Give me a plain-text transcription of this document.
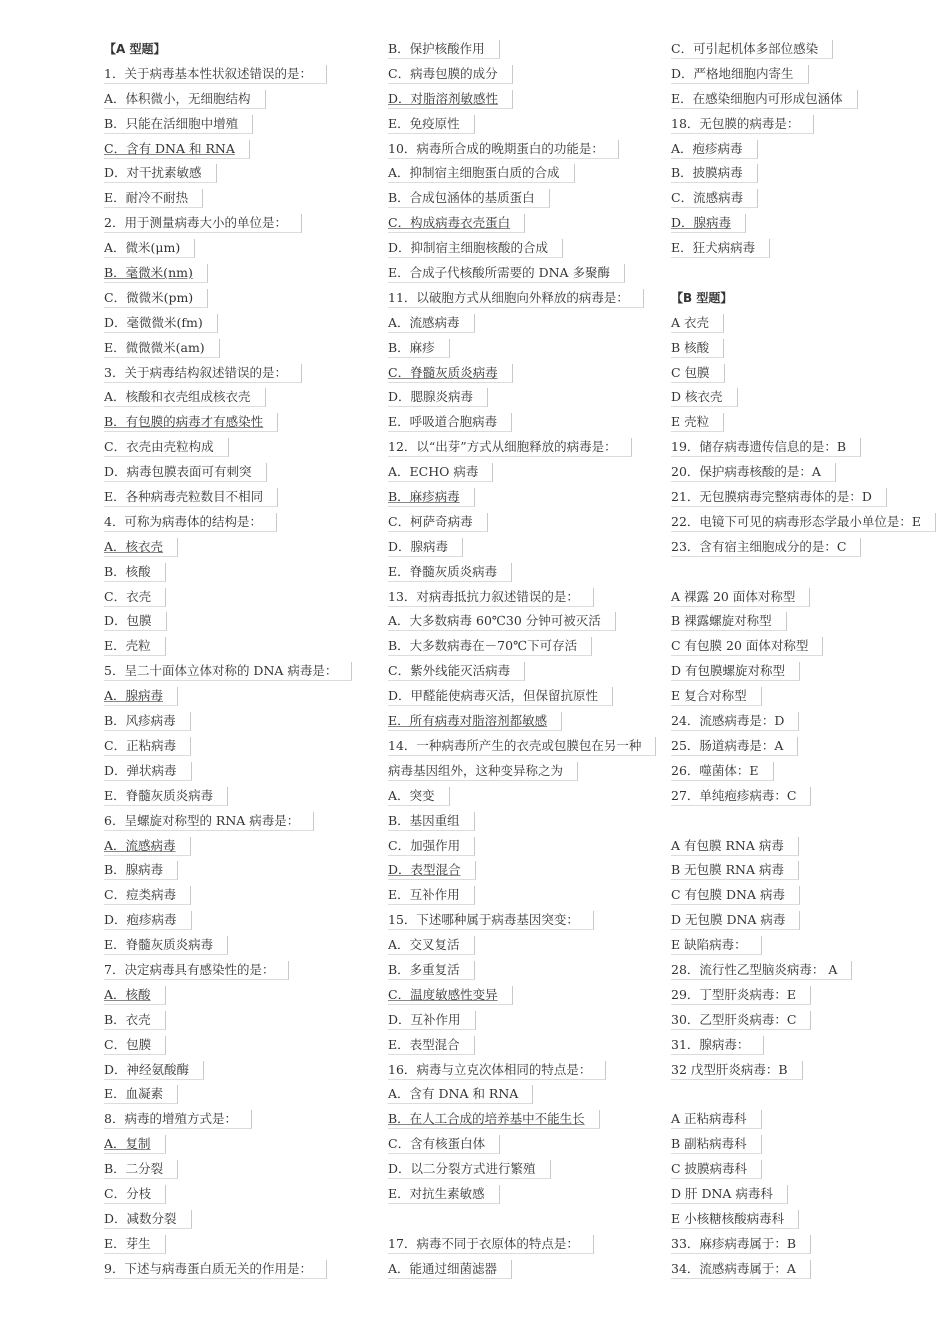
【A 型题】
1．关于病毒基本性状叙述错误的是：
A．体积微小，无细胞结构
B．只能在活细胞中增殖
C．含有 DNA 和 RNA
D．对干扰素敏感
E．耐冷不耐热
2．用于测量病毒大小的单位是：
A．微米(μm)
B．毫微米(nm)
C．微微米(pm)
D．毫微微米(fm)
E．微微微米(am)
3．关于病毒结构叙述错误的是：
A．核酸和衣壳组成核衣壳
B．有包膜的病毒才有感染性
C．衣壳由壳粒构成
D．病毒包膜表面可有刺突
E．各种病毒壳粒数目不相同
4．可称为病毒体的结构是：
A．核衣壳
B．核酸
C．衣壳
D．包膜
E．壳粒
5．呈二十面体立体对称的 DNA 病毒是：
A．腺病毒
B．风疹病毒
C．正粘病毒
D．弹状病毒
E．脊髓灰质炎病毒
6．呈螺旋对称型的 RNA 病毒是：
A．流感病毒
B．腺病毒
C．痘类病毒
D．疱疹病毒
E．脊髓灰质炎病毒
7．决定病毒具有感染性的是：
A．核酸
B．衣壳
C．包膜
D．神经氨酸酶
E．血凝素
8．病毒的增殖方式是：
A．复制
B．二分裂
C．分枝
D．减数分裂
E．芽生
9．下述与病毒蛋白质无关的作用是：
B．保护核酸作用
C．病毒包膜的成分
D．对脂溶剂敏感性
E．免疫原性
10．病毒所合成的晚期蛋白的功能是：
A．抑制宿主细胞蛋白质的合成
B．合成包涵体的基质蛋白
C．构成病毒衣壳蛋白
D．抑制宿主细胞核酸的合成
E．合成子代核酸所需要的 DNA 多聚酶
11．以破胞方式从细胞向外释放的病毒是：
A．流感病毒
B．麻疹
C．脊髓灰质炎病毒
D．腮腺炎病毒
E．呼吸道合胞病毒
12．以“出芽”方式从细胞释放的病毒是：
A．ECHO 病毒
B．麻疹病毒
C．柯萨奇病毒
D．腺病毒
E．脊髓灰质炎病毒
13．对病毒抵抗力叙述错误的是：
A．大多数病毒 60℃30 分钟可被灭活
B．大多数病毒在－70℃下可存活
C．紫外线能灭活病毒
D．甲醛能使病毒灭活，但保留抗原性
E．所有病毒对脂溶剂都敏感
14．一种病毒所产生的衣壳或包膜包在另一种
病毒基因组外，这种变异称之为
A．突变
B．基因重组
C．加强作用
D．表型混合
E．互补作用
15．下述哪种属于病毒基因突变：
A．交叉复活
B．多重复活
C．温度敏感性变异
D．互补作用
E．表型混合
16．病毒与立克次体相同的特点是：
A．含有 DNA 和 RNA
B．在人工合成的培养基中不能生长
C．含有核蛋白体
D．以二分裂方式进行繁殖
E．对抗生素敏感
17．病毒不同于衣原体的特点是：
A．能通过细菌滤器
C．可引起机体多部位感染
D．严格地细胞内寄生
E．在感染细胞内可形成包涵体
18．无包膜的病毒是：
A．疱疹病毒
B．披膜病毒
C．流感病毒
D．腺病毒
E．狂犬病病毒
【B 型题】
A 衣壳
B 核酸
C 包膜
D 核衣壳
E 壳粒
19．储存病毒遗传信息的是：B
20．保护病毒核酸的是：A
21．无包膜病毒完整病毒体的是：D
22．电镜下可见的病毒形态学最小单位是：E
23．含有宿主细胞成分的是：C
A 裸露 20 面体对称型
B 裸露螺旋对称型
C 有包膜 20 面体对称型
D 有包膜螺旋对称型
E 复合对称型
24．流感病毒是：D
25．肠道病毒是：A
26．噬菌体：E
27．单纯疱疹病毒：C
A 有包膜 RNA 病毒
B 无包膜 RNA 病毒
C 有包膜 DNA 病毒
D 无包膜 DNA 病毒
E 缺陷病毒：
28．流行性乙型脑炎病毒： A
29．丁型肝炎病毒：E
30．乙型肝炎病毒：C
31．腺病毒：
32 戊型肝炎病毒：B
A 正粘病毒科
B 副粘病毒科
C 披膜病毒科
D 肝 DNA 病毒科
E 小核糖核酸病毒科
33．麻疹病毒属于：B
34．流感病毒属于：A
